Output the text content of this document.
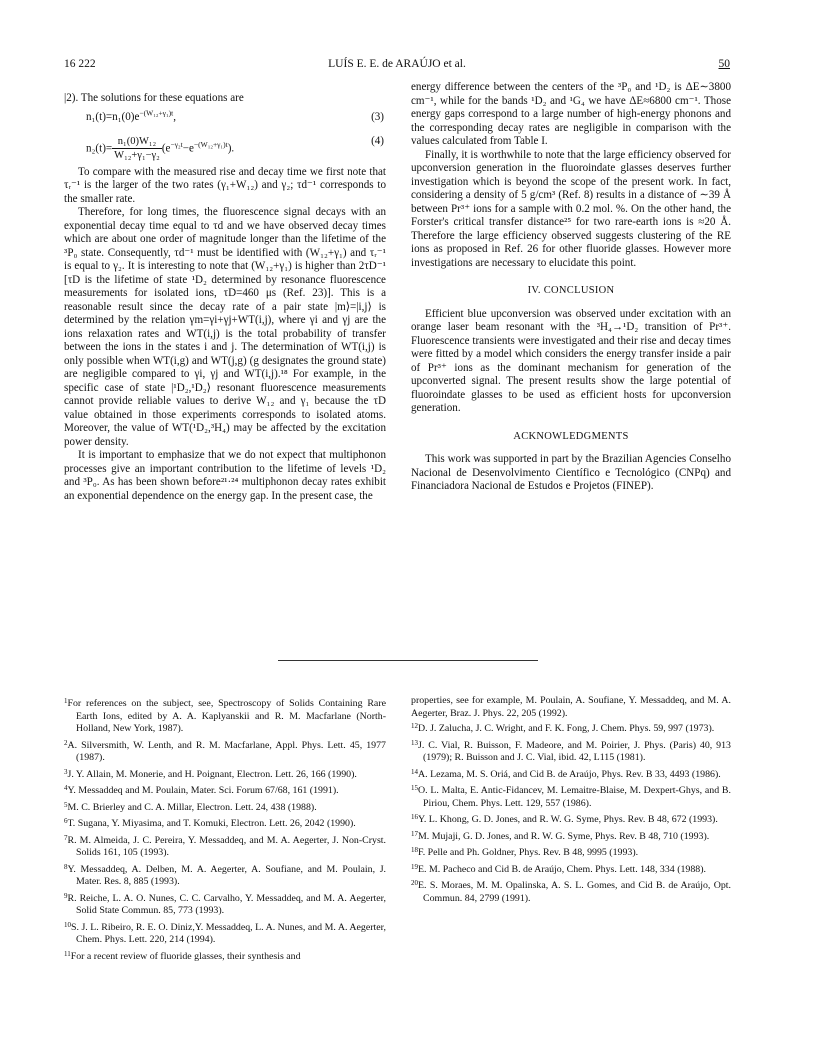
16 222	LUÍS E. E. de ARAÚJO et al.	50

|2). The solutions for these equations are

$n_1(t)=n_1(0)e^{-(W_{12}+\gamma_1)t}$,	(3)
$n_2(t)= \frac{\text{n₁(0)W₁₂}}{\text{W₁₂+γ₁−γ₂}} (e^{-\gamma_2t}-e^{-(W_{12}+\gamma_1)t})$.
(4)

To compare with the measured rise and decay time we first note that τᵣ⁻¹ is the larger of the two rates (γ₁+W₁₂) and γ₂; τd⁻¹ corresponds to the smaller rate.

Therefore, for long times, the fluorescence signal decays with an exponential decay time equal to τd and we have observed decay times which are about one order of magnitude longer than the lifetime of the ³P₀ state. Consequently, τd⁻¹ must be identified with (W₁₂+γ₁) and τᵣ⁻¹ is equal to γ₂. It is interesting to note that (W₁₂+γ₁) is higher than 2τD⁻¹ [τD is the lifetime of state ¹D₂ determined by resonance fluorescence measurements for isolated ions, τD=460 μs (Ref. 23)]. This is a reasonable result since the decay rate of a pair state |m⟩=|i,j⟩ is determined by the relation γm=γi+γj+WT(i,j), where γi and γj are the ions relaxation rates and WT(i,j) is the total probability of transfer between the ions in the states i and j. The determination of WT(i,j) is only possible when WT(i,g) and WT(j,g) (g designates the ground state) are negligible compared to γi, γj and WT(i,j).¹⁸ For example, in the specific case of state |¹D₂,¹D₂⟩ resonant fluorescence measurements cannot provide reliable values to derive W₁₂ and γ₁ because the τD value obtained in those experiments corresponds to isolated atoms. Moreover, the value of WT(¹D₂,³H₄) may be affected by the excitation power density.

It is important to emphasize that we do not expect that multiphonon processes give an important contribution to the lifetime of levels ¹D₂ and ³P₀. As has been shown before²¹·²⁴ multiphonon decay rates exhibit an exponential dependence on the energy gap. In the present case, the

energy difference between the centers of the ³P₀ and ¹D₂ is ΔE∼3800 cm⁻¹, while for the bands ¹D₂ and ¹G₄ we have ΔE≈6800 cm⁻¹. Those energy gaps correspond to a large number of high-energy phonons and the corresponding decay rates are negligible in comparison with the values calculated from Table I.

Finally, it is worthwhile to note that the large efficiency observed for upconversion generation in the fluoroindate glasses deserves further investigation which is beyond the scope of the present work. In fact, considering a density of 5 g/cm³ (Ref. 8) results in a distance of ∼39 Å between Pr³⁺ ions for a sample with 0.2 mol. %. On the other hand, the Forster's critical transfer distance²⁵ for two rare-earth ions is ≈20 Å. Therefore the large efficiency observed suggests clustering of the RE ions as proposed in Ref. 26 for other fluoride glasses. However more investigations are necessary to elucidate this point.

IV. CONCLUSION

Efficient blue upconversion was observed under excitation with an orange laser beam resonant with the ³H₄→¹D₂ transition of Pr³⁺. Fluorescence transients were investigated and their rise and decay times were fitted by a model which considers the energy transfer inside a pair of Pr³⁺ ions as the dominant mechanism for generation of the upconverted signal. The present results show the large potential of fluoroindate glasses to be used as efficient hosts for upconversion generation.

ACKNOWLEDGMENTS

This work was supported in part by the Brazilian Agencies Conselho Nacional de Desenvolvimento Científico e Tecnológico (CNPq) and Financiadora Nacional de Estudos e Projetos (FINEP).

$^1$For references on the subject, see, Spectroscopy of Solids Containing Rare Earth Ions, edited by A. A. Kaplyanskii and R. M. Macfarlane (North-Holland, New York, 1987).
$^2$A. Silversmith, W. Lenth, and R. M. Macfarlane, Appl. Phys. Lett. 45, 1977 (1987).
$^3$J. Y. Allain, M. Monerie, and H. Poignant, Electron. Lett. 26, 166 (1990).
$^4$Y. Messaddeq and M. Poulain, Mater. Sci. Forum 67/68, 161 (1991).
$^5$M. C. Brierley and C. A. Millar, Electron. Lett. 24, 438 (1988).
$^6$T. Sugana, Y. Miyasima, and T. Komuki, Electron. Lett. 26, 2042 (1990).
$^7$R. M. Almeida, J. C. Pereira, Y. Messaddeq, and M. A. Aegerter, J. Non-Cryst. Solids 161, 105 (1993).
$^8$Y. Messaddeq, A. Delben, M. A. Aegerter, A. Soufiane, and M. Poulain, J. Mater. Res. 8, 885 (1993).
$^9$R. Reiche, L. A. O. Nunes, C. C. Carvalho, Y. Messaddeq, and M. A. Aegerter, Solid State Commun. 85, 773 (1993).
$^{10}$S. J. L. Ribeiro, R. E. O. Diniz,Y. Messaddeq, L. A. Nunes, and M. A. Aegerter, Chem. Phys. Lett. 220, 214 (1994).
$^{11}$For a recent review of fluoride glasses, their synthesis and
properties, see for example, M. Poulain, A. Soufiane, Y. Messaddeq, and M. A. Aegerter, Braz. J. Phys. 22, 205 (1992).
$^{12}$D. J. Zalucha, J. C. Wright, and F. K. Fong, J. Chem. Phys. 59, 997 (1973).
$^{13}$J. C. Vial, R. Buisson, F. Madeore, and M. Poirier, J. Phys. (Paris) 40, 913 (1979); R. Buisson and J. C. Vial, ibid. 42, L115 (1981).
$^{14}$A. Lezama, M. S. Oriá, and Cid B. de Araújo, Phys. Rev. B 33, 4493 (1986).
$^{15}$O. L. Malta, E. Antic-Fidancev, M. Lemaitre-Blaise, M. Dexpert-Ghys, and B. Piriou, Chem. Phys. Lett. 129, 557 (1986).
$^{16}$Y. L. Khong, G. D. Jones, and R. W. G. Syme, Phys. Rev. B 48, 672 (1993).
$^{17}$M. Mujaji, G. D. Jones, and R. W. G. Syme, Phys. Rev. B 48, 710 (1993).
$^{18}$F. Pelle and Ph. Goldner, Phys. Rev. B 48, 9995 (1993).
$^{19}$E. M. Pacheco and Cid B. de Araújo, Chem. Phys. Lett. 148, 334 (1988).
$^{20}$E. S. Moraes, M. M. Opalinska, A. S. L. Gomes, and Cid B. de Araújo, Opt. Commun. 84, 2799 (1991).
